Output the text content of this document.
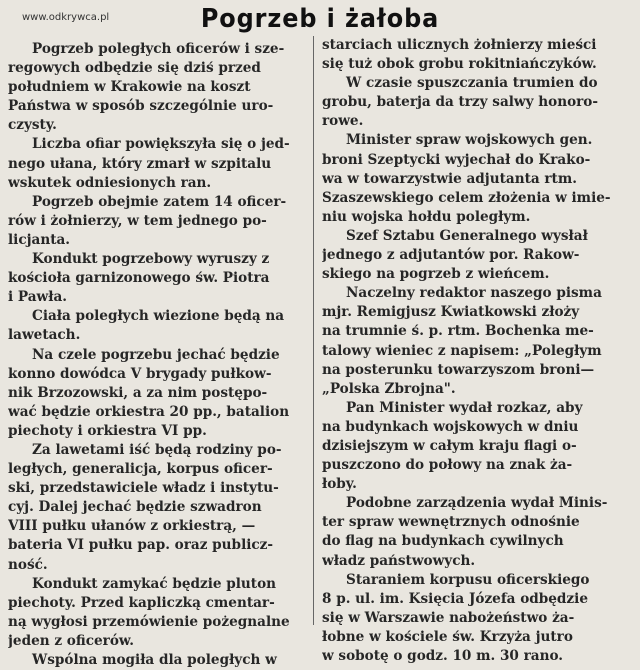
www.odkrywca.pl	Pogrzeb i żałoba

Pogrzeb poległych oficerów i sze-
regowych odbędzie się dziś przed
południem w Krakowie na koszt
Państwa w sposób szczególnie uro-
czysty.

Liczba ofiar powiększyła się o jed-
nego ułana, który zmarł w szpitalu
wskutek odniesionych ran.

Pogrzeb obejmie zatem 14 oficer-
rów i żołnierzy, w tem jednego po-
licjanta.

Kondukt pogrzebowy wyruszy z
kościoła garnizonowego św. Piotra
i Pawła.

Ciała poległych wiezione będą na
lawetach.

Na czele pogrzebu jechać będzie
konno dowódca V brygady pułkow-
nik Brzozowski, a za nim postępo-
wać będzie orkiestra 20 pp., batalion
piechoty i orkiestra VI pp.

Za lawetami iść będą rodziny po-
ległych, generalicja, korpus oficer-
ski, przedstawiciele władz i instytu-
cyj. Dalej jechać będzie szwadron
VIII pułku ułanów z orkiestrą, —
bateria VI pułku pap. oraz publicz-
ność.

Kondukt zamykać będzie pluton
piechoty. Przed kapliczką cmentar-
ną wygłosi przemówienie pożegnalne
jeden z oficerów.

Wspólna mogiła dla poległych w

starciach ulicznych żołnierzy mieści
się tuż obok grobu rokitniańczyków.

W czasie spuszczania trumien do
grobu, baterja da trzy salwy honoro-
rowe.

Minister spraw wojskowych gen.
broni Szeptycki wyjechał do Krako-
wa w towarzystwie adjutanta rtm.
Szaszewskiego celem złożenia w imie-
niu wojska hołdu poległym.

Szef Sztabu Generalnego wysłał
jednego z adjutantów por. Rakow-
skiego na pogrzeb z wieńcem.

Naczelny redaktor naszego pisma
mjr. Remigjusz Kwiatkowski złoży
na trumnie ś. p. rtm. Bochenka me-
talowy wieniec z napisem: „Poległym
na posterunku towarzyszom broni—
„Polska Zbrojna".

Pan Minister wydał rozkaz, aby
na budynkach wojskowych w dniu
dzisiejszym w całym kraju flagi o-
puszczono do połowy na znak ża-
łoby.

Podobne zarządzenia wydał Minis-
ter spraw wewnętrznych odnośnie
do flag na budynkach cywilnych
władz państwowych.

Staraniem korpusu oficerskiego
8 p. ul. im. Księcia Józefa odbędzie
się w Warszawie nabożeństwo ża-
łobne w kościele św. Krzyża jutro
w sobotę o godz. 10 m. 30 rano.
